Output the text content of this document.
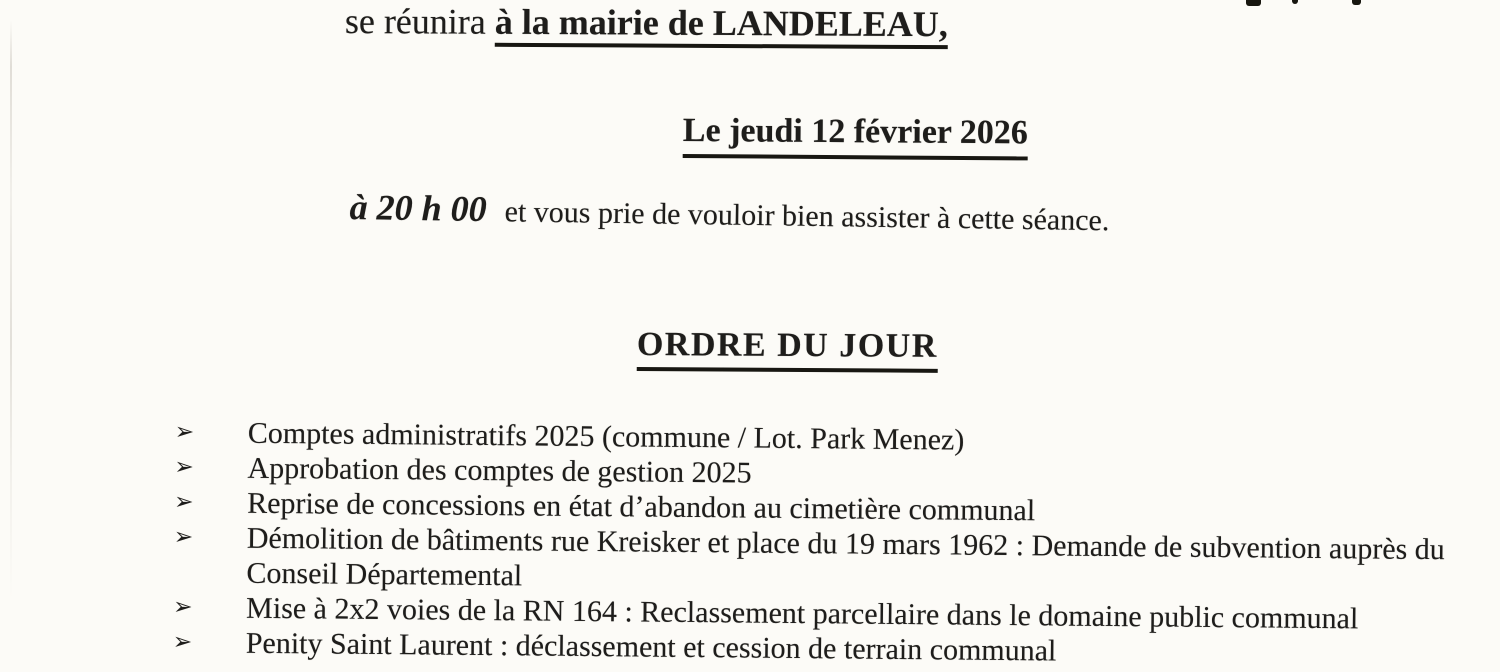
se réunira à la mairie de LANDELEAU,
Le jeudi 12 février 2026
à 20 h 00 et vous prie de vouloir bien assister à cette séance.
ORDRE DU JOUR
➢	Comptes administratifs 2025 (commune / Lot. Park Menez)
➢	Approbation des comptes de gestion 2025
➢	Reprise de concessions en état d’abandon au cimetière communal
➢	Démolition de bâtiments rue Kreisker et place du 19 mars 1962 : Demande de subvention auprès du Conseil Départemental
➢	Mise à 2x2 voies de la RN 164 : Reclassement parcellaire dans le domaine public communal
➢	Penity Saint Laurent : déclassement et cession de terrain communal
